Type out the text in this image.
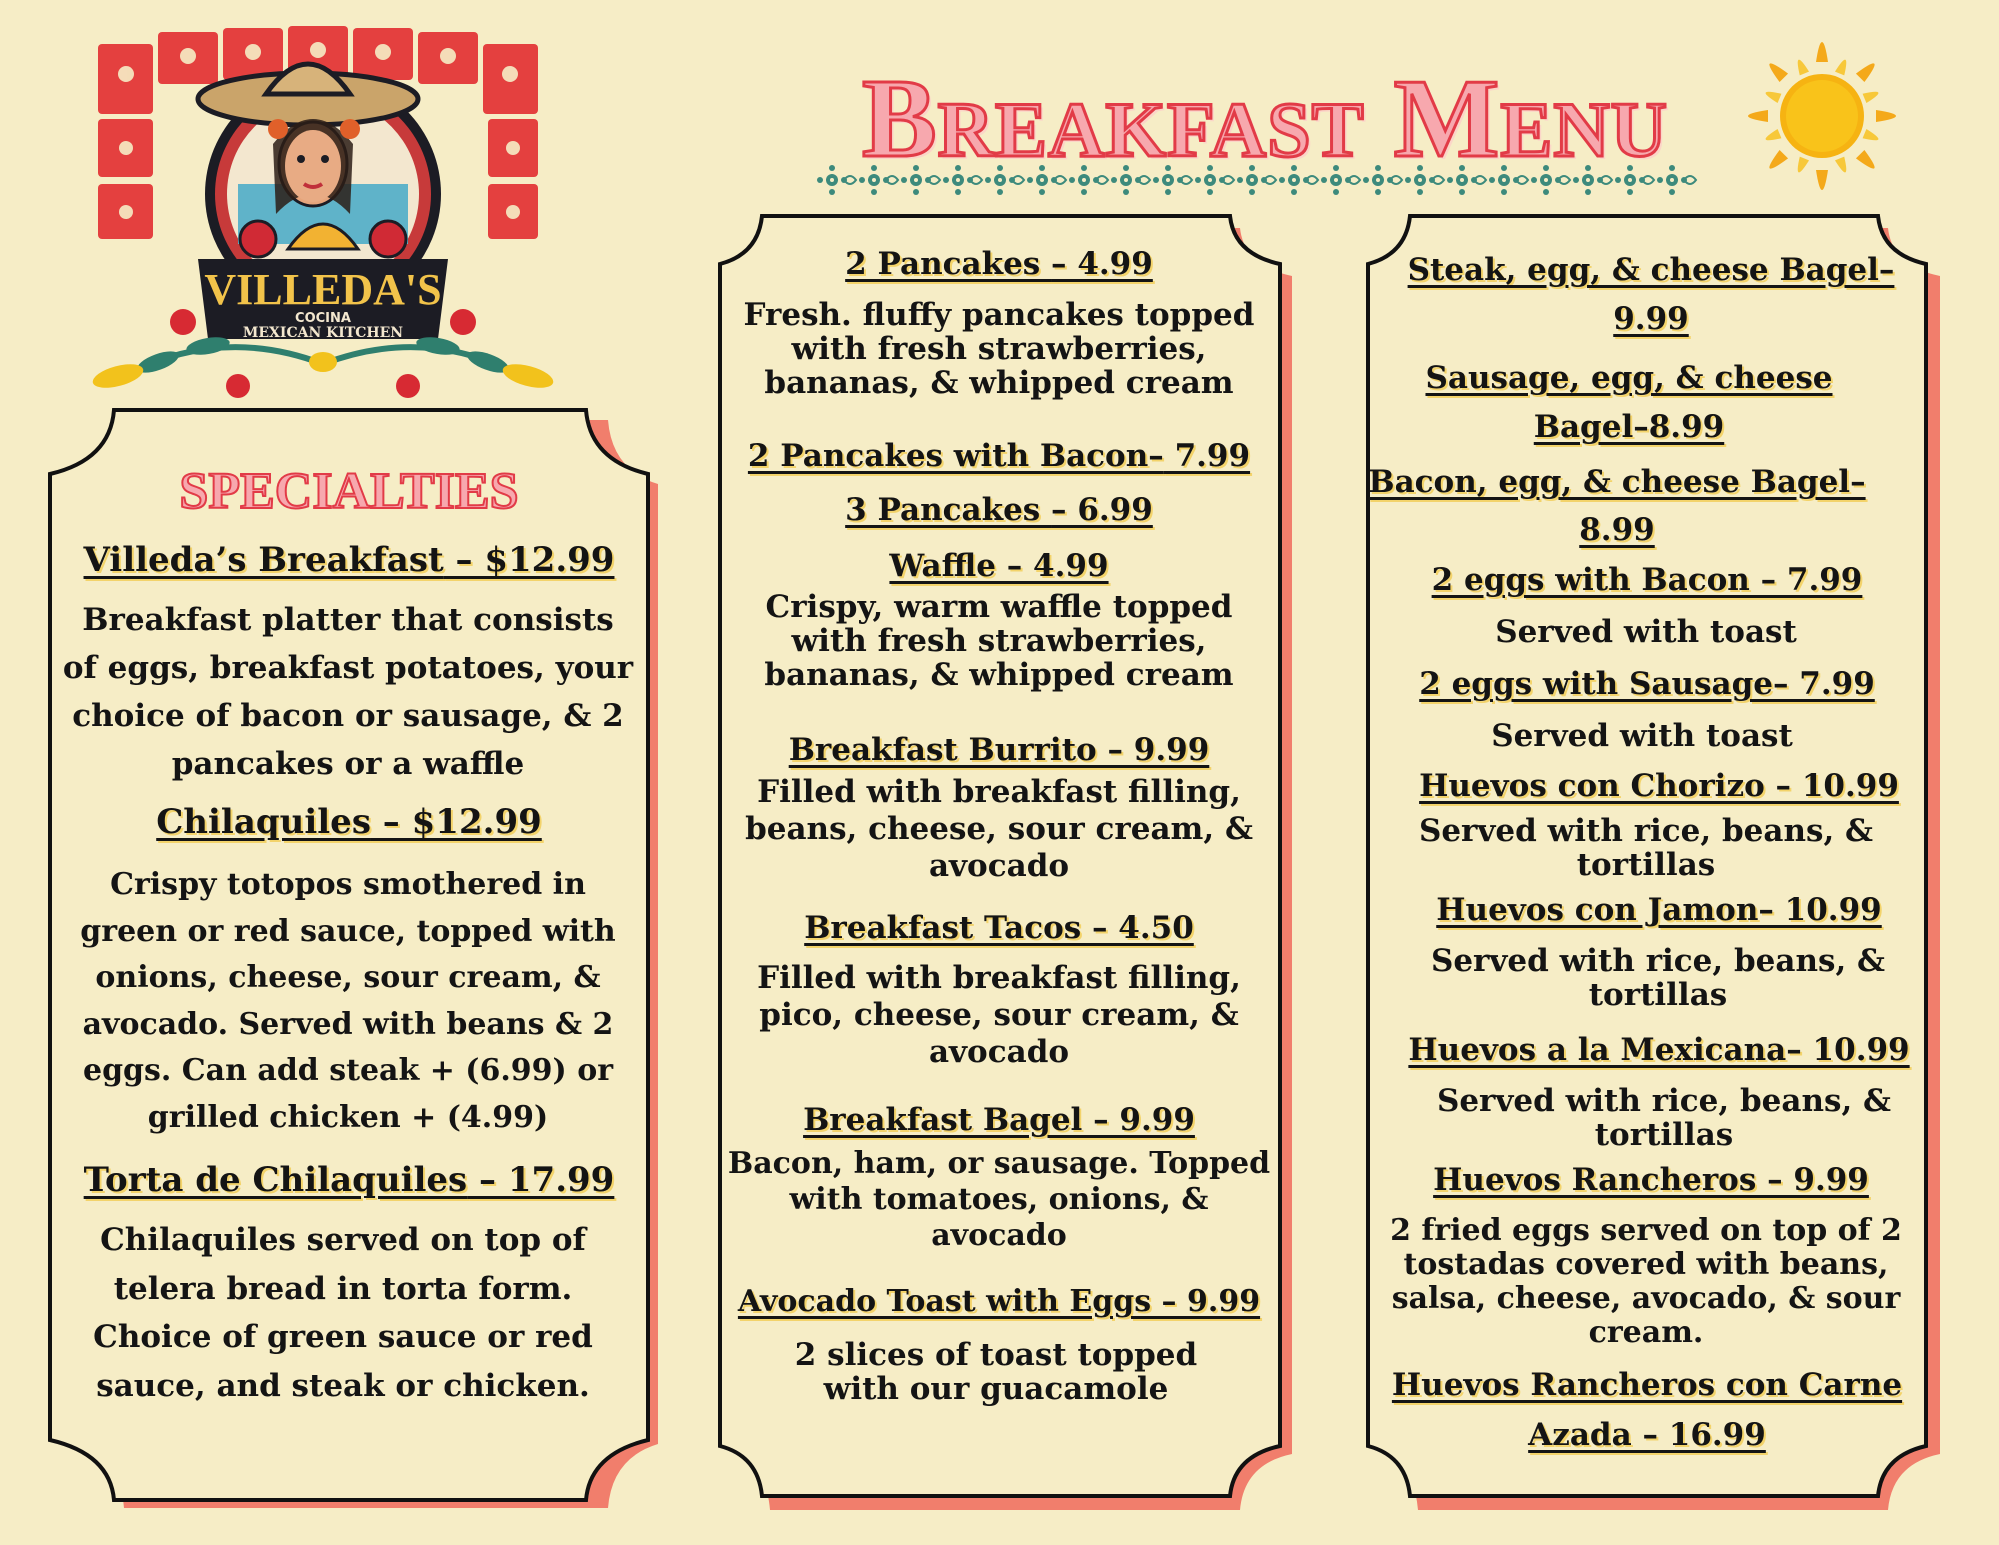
Breakfast Menu
VILLEDA'S
COCINA
MEXICAN KITCHEN
SPECIALTIES
Villeda’s Breakfast – $12.99
Breakfast platter that consists
of eggs, breakfast potatoes, your
choice of bacon or sausage, & 2
pancakes or a waffle
Chilaquiles – $12.99
Crispy totopos smothered in
green or red sauce, topped with
onions, cheese, sour cream, &
avocado. Served with beans & 2
eggs. Can add steak + (6.99) or
grilled chicken + (4.99)
Torta de Chilaquiles – 17.99
Chilaquiles served on top of
telera bread in torta form.
Choice of green sauce or red
sauce, and steak or chicken.
2 Pancakes – 4.99
Fresh. fluffy pancakes topped
with fresh strawberries,
bananas, & whipped cream
2 Pancakes with Bacon– 7.99
3 Pancakes – 6.99
Waffle – 4.99
Crispy, warm waffle topped
with fresh strawberries,
bananas, & whipped cream
Breakfast Burrito – 9.99
Filled with breakfast filling,
beans, cheese, sour cream, &
avocado
Breakfast Tacos – 4.50
Filled with breakfast filling,
pico, cheese, sour cream, &
avocado
Breakfast Bagel – 9.99
Bacon, ham, or sausage. Topped
with tomatoes, onions, &
avocado
Avocado Toast with Eggs – 9.99
2 slices of toast topped
with our guacamole
Steak, egg, & cheese Bagel–
9.99
Sausage, egg, & cheese
Bagel–8.99
Bacon, egg, & cheese Bagel–
8.99
2 eggs with Bacon – 7.99
Served with toast
2 eggs with Sausage– 7.99
Served with toast
Huevos con Chorizo – 10.99
Served with rice, beans, &
tortillas
Huevos con Jamon– 10.99
Served with rice, beans, &
tortillas
Huevos a la Mexicana– 10.99
Served with rice, beans, &
tortillas
Huevos Rancheros – 9.99
2 fried eggs served on top of 2
tostadas covered with beans,
salsa, cheese, avocado, & sour
cream.
Huevos Rancheros con Carne
Azada – 16.99
